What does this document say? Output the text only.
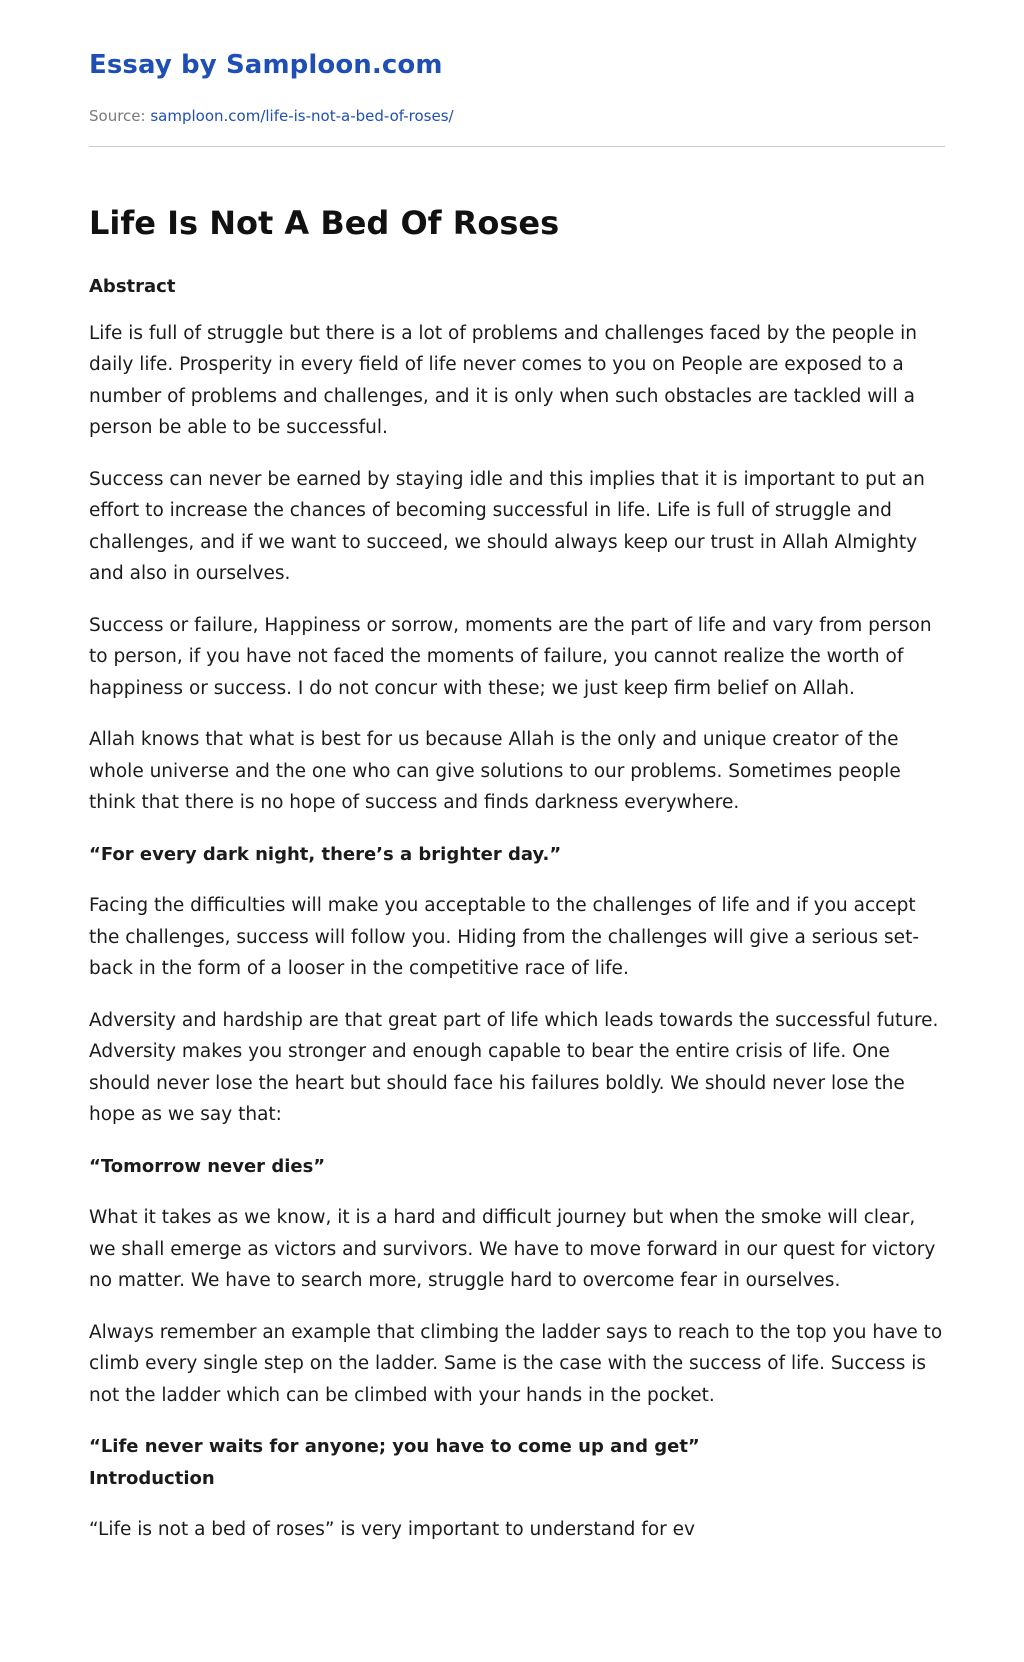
Essay by Samploon.com
Source: samploon.com/life-is-not-a-bed-of-roses/
Life Is Not A Bed Of Roses

Abstract

Life is full of struggle but there is a lot of problems and challenges faced by the people in daily life. Prosperity in every field of life never comes to you on People are exposed to a number of problems and challenges, and it is only when such obstacles are tackled will a person be able to be successful.

Success can never be earned by staying idle and this implies that it is important to put an effort to increase the chances of becoming successful in life. Life is full of struggle and challenges, and if we want to succeed, we should always keep our trust in Allah Almighty and also in ourselves.

Success or failure, Happiness or sorrow, moments are the part of life and vary from person to person, if you have not faced the moments of failure, you cannot realize the worth of happiness or success. I do not concur with these; we just keep firm belief on Allah.

Allah knows that what is best for us because Allah is the only and unique creator of the whole universe and the one who can give solutions to our problems. Sometimes people think that there is no hope of success and finds darkness everywhere.

“For every dark night, there’s a brighter day.”

Facing the difficulties will make you acceptable to the challenges of life and if you accept the challenges, success will follow you. Hiding from the challenges will give a serious set-back in the form of a looser in the competitive race of life.

Adversity and hardship are that great part of life which leads towards the successful future. Adversity makes you stronger and enough capable to bear the entire crisis of life. One should never lose the heart but should face his failures boldly. We should never lose the hope as we say that:

“Tomorrow never dies”

What it takes as we know, it is a hard and difficult journey but when the smoke will clear, we shall emerge as victors and survivors. We have to move forward in our quest for victory no matter. We have to search more, struggle hard to overcome fear in ourselves.

Always remember an example that climbing the ladder says to reach to the top you have to climb every single step on the ladder. Same is the case with the success of life. Success is not the ladder which can be climbed with your hands in the pocket.

“Life never waits for anyone; you have to come up and get”

Introduction

“Life is not a bed of roses” is very important to understand for ev
